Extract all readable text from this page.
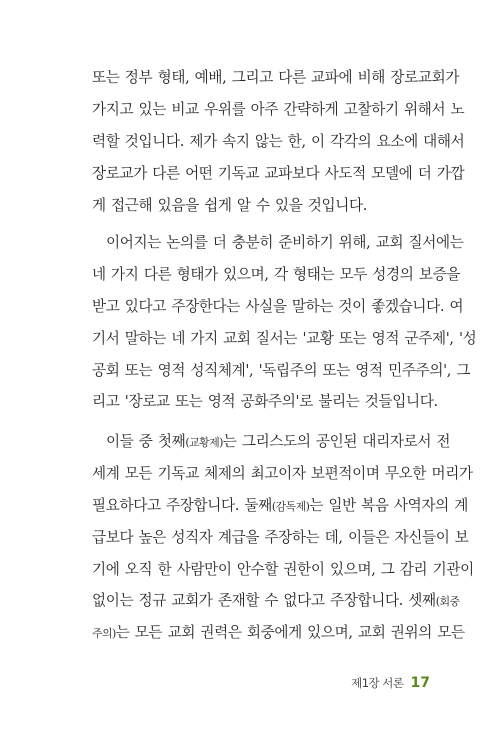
또는 정부 형태, 예배, 그리고 다른 교파에 비해 장로교회가
가지고 있는 비교 우위를 아주 간략하게 고찰하기 위해서 노
력할 것입니다. 제가 속지 않는 한, 이 각각의 요소에 대해서
장로교가 다른 어떤 기독교 교파보다 사도적 모델에 더 가깝
게 접근해 있음을 쉽게 알 수 있을 것입니다.
이어지는 논의를 더 충분히 준비하기 위해, 교회 질서에는
네 가지 다른 형태가 있으며, 각 형태는 모두 성경의 보증을
받고 있다고 주장한다는 사실을 말하는 것이 좋겠습니다. 여
기서 말하는 네 가지 교회 질서는 '교황 또는 영적 군주제', '성
공회 또는 영적 성직체계', '독립주의 또는 영적 민주주의', 그
리고 '장로교 또는 영적 공화주의'로 불리는 것들입니다.
이들 중 첫째(교황제)는 그리스도의 공인된 대리자로서 전
세계 모든 기독교 체제의 최고이자 보편적이며 무오한 머리가
필요하다고 주장합니다. 둘째(감독제)는 일반 복음 사역자의 계
급보다 높은 성직자 계급을 주장하는 데, 이들은 자신들이 보
기에 오직 한 사람만이 안수할 권한이 있으며, 그 감리 기관이
없이는 정규 교회가 존재할 수 없다고 주장합니다. 셋째(회중
주의)는 모든 교회 권력은 회중에게 있으며, 교회 권위의 모든
제1장 서론 17
